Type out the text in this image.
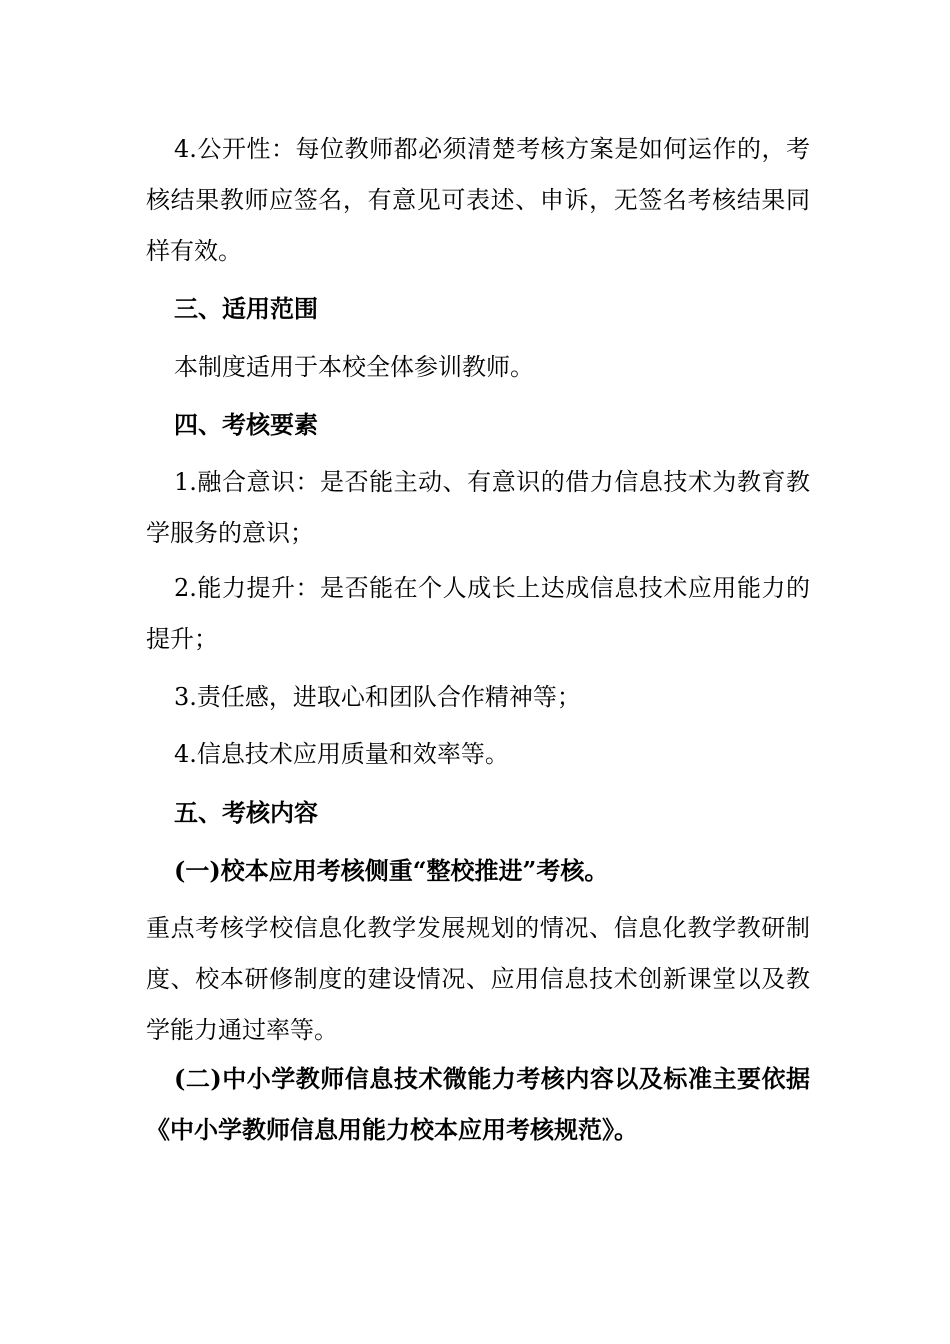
4.公开性：每位教师都必须清楚考核方案是如何运作的，考核结果教师应签名，有意见可表述、申诉，无签名考核结果同样有效。

三、适用范围

本制度适用于本校全体参训教师。

四、考核要素

1.融合意识：是否能主动、有意识的借力信息技术为教育教学服务的意识；

2.能力提升：是否能在个人成长上达成信息技术应用能力的提升；

3.责任感，进取心和团队合作精神等；

4.信息技术应用质量和效率等。

五、考核内容

(一)校本应用考核侧重“整校推进”考核。

重点考核学校信息化教学发展规划的情况、信息化教学教研制度、校本研修制度的建设情况、应用信息技术创新课堂以及教学能力通过率等。

(二)中小学教师信息技术微能力考核内容以及标准主要依据《中小学教师信息用能力校本应用考核规范》。
